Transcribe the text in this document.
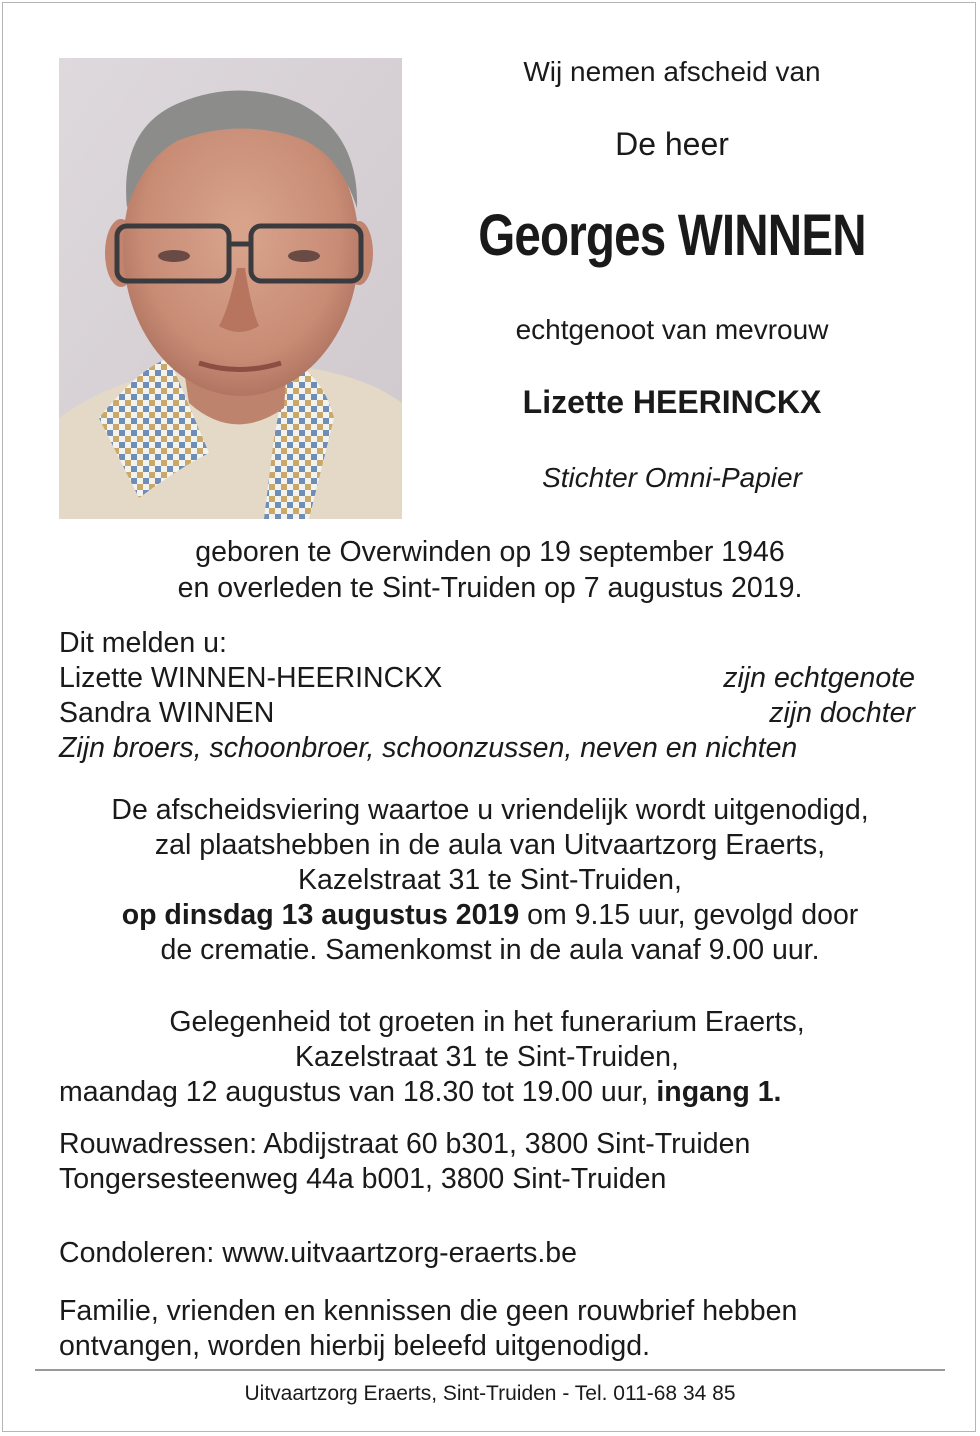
Wij nemen afscheid van
De heer
Georges WINNEN
echtgenoot van mevrouw
Lizette HEERINCKX
Stichter Omni-Papier
geboren te Overwinden op 19 september 1946
en overleden te Sint-Truiden op 7 augustus 2019.
Dit melden u:
Lizette WINNEN-HEERINCKX	zijn echtgenote
Sandra WINNEN	zijn dochter
Zijn broers, schoonbroer, schoonzussen, neven en nichten
De afscheidsviering waartoe u vriendelijk wordt uitgenodigd,
zal plaatshebben in de aula van Uitvaartzorg Eraerts,
Kazelstraat 31 te Sint-Truiden,
op dinsdag 13 augustus 2019 om 9.15 uur, gevolgd door
de crematie. Samenkomst in de aula vanaf 9.00 uur.
Gelegenheid tot groeten in het funerarium Eraerts,
Kazelstraat 31 te Sint-Truiden,
maandag 12 augustus van 18.30 tot 19.00 uur, ingang 1.
Rouwadressen: Abdijstraat 60 b301, 3800 Sint-Truiden
Tongersesteenweg 44a b001, 3800 Sint-Truiden
Condoleren: www.uitvaartzorg-eraerts.be
Familie, vrienden en kennissen die geen rouwbrief hebben
ontvangen, worden hierbij beleefd uitgenodigd.
Uitvaartzorg Eraerts, Sint-Truiden - Tel. 011-68 34 85
